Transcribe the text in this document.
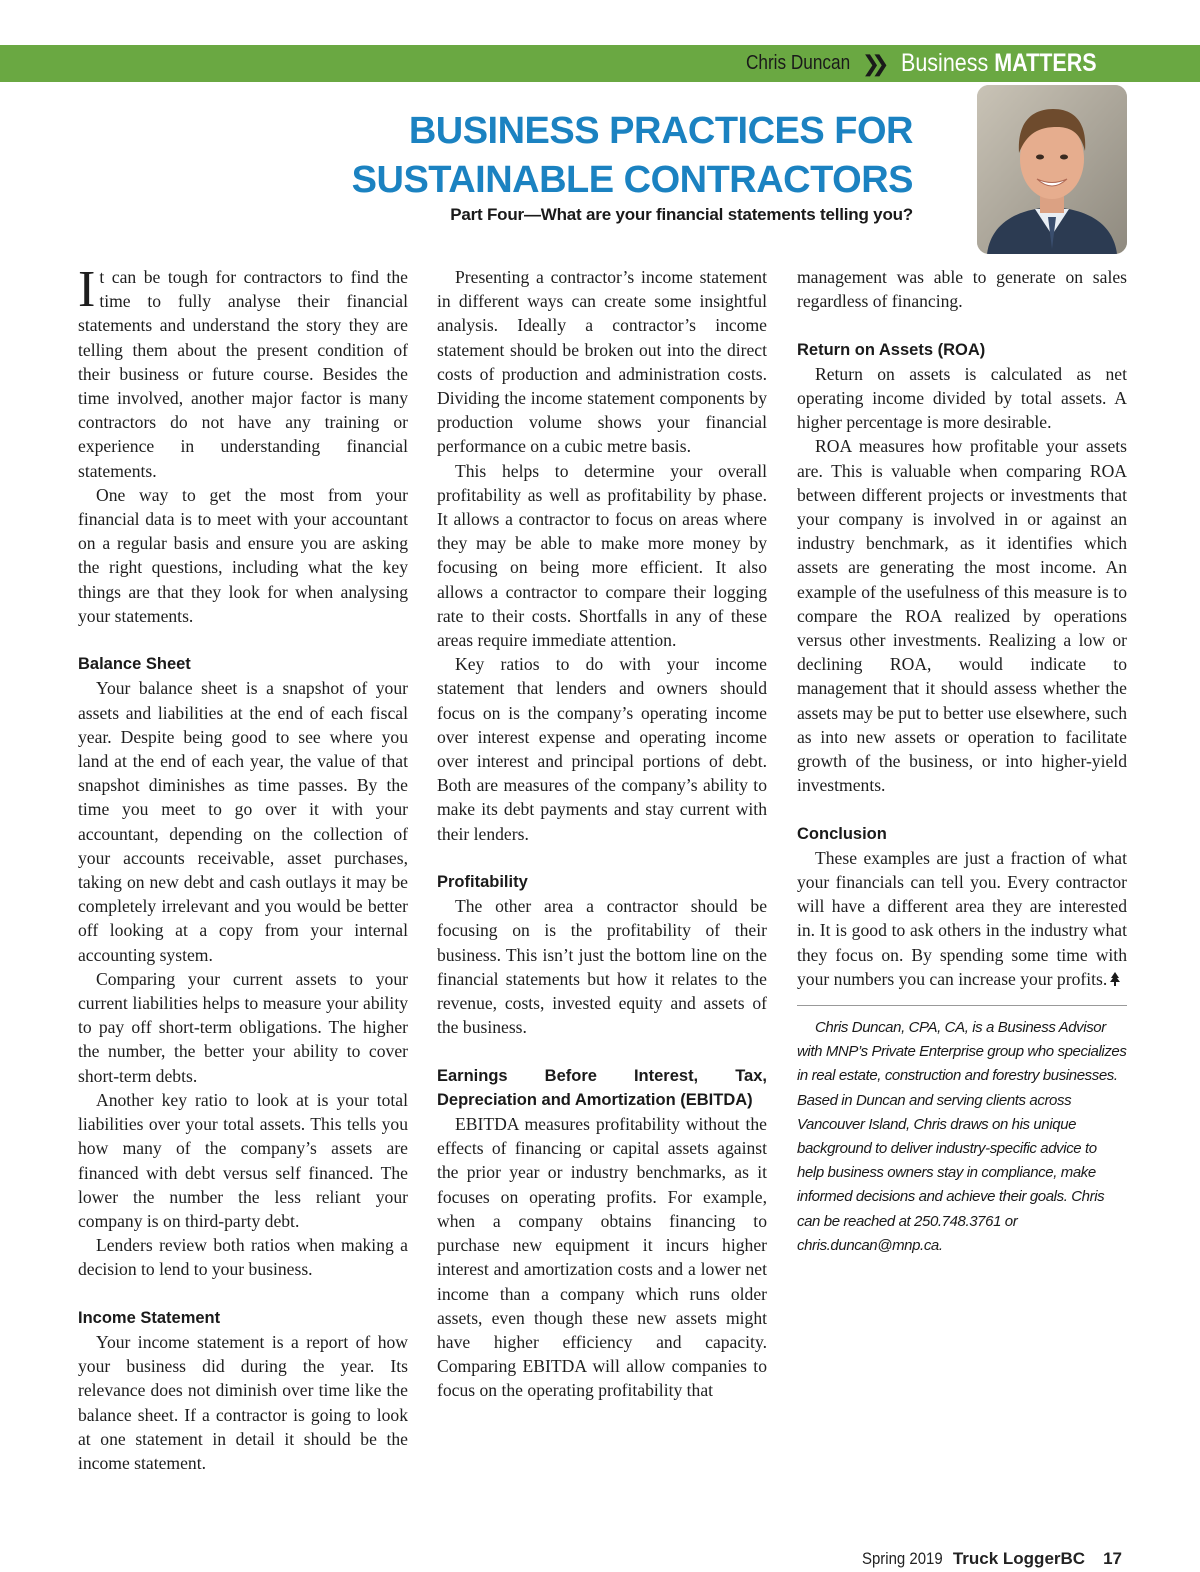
Chris Duncan ❯❯ Business MATTERS
BUSINESS PRACTICES FOR
SUSTAINABLE CONTRACTORS
Part Four—What are your financial statements telling you?

It can be tough for contractors to find the time to fully analyse their financial statements and understand the story they are telling them about the present condition of their business or future course. Besides the time involved, another major factor is many contractors do not have any training or experience in understanding financial statements.

One way to get the most from your financial data is to meet with your accountant on a regular basis and ensure you are asking the right questions, including what the key things are that they look for when analysing your statements.

Balance Sheet

Your balance sheet is a snapshot of your assets and liabilities at the end of each fiscal year. Despite being good to see where you land at the end of each year, the value of that snapshot diminishes as time passes. By the time you meet to go over it with your accountant, depending on the collection of your accounts receivable, asset purchases, taking on new debt and cash outlays it may be completely irrelevant and you would be better off looking at a copy from your internal accounting system.

Comparing your current assets to your current liabilities helps to measure your ability to pay off short-term obligations. The higher the number, the better your ability to cover short-term debts.

Another key ratio to look at is your total liabilities over your total assets. This tells you how many of the company’s assets are financed with debt versus self financed. The lower the number the less reliant your company is on third-party debt.

Lenders review both ratios when making a decision to lend to your business.

Income Statement

Your income statement is a report of how your business did during the year. Its relevance does not diminish over time like the balance sheet. If a contractor is going to look at one statement in detail it should be the income statement.

Presenting a contractor’s income statement in different ways can create some insightful analysis. Ideally a contractor’s income statement should be broken out into the direct costs of production and administration costs. Dividing the income statement components by production volume shows your financial performance on a cubic metre basis.

This helps to determine your overall profitability as well as profitability by phase. It allows a contractor to focus on areas where they may be able to make more money by focusing on being more efficient. It also allows a contractor to compare their logging rate to their costs. Shortfalls in any of these areas require immediate attention.

Key ratios to do with your income statement that lenders and owners should focus on is the company’s operating income over interest expense and operating income over interest and principal portions of debt. Both are measures of the company’s ability to make its debt payments and stay current with their lenders.

Profitability

The other area a contractor should be focusing on is the profitability of their business. This isn’t just the bottom line on the financial statements but how it relates to the revenue, costs, invested equity and assets of the business.

Earnings Before Interest, Tax, Depreciation and Amortization (EBITDA)

EBITDA measures profitability without the effects of financing or capital assets against the prior year or industry benchmarks, as it focuses on operating profits. For example, when a company obtains financing to purchase new equipment it incurs higher interest and amortization costs and a lower net income than a company which runs older assets, even though these new assets might have higher efficiency and capacity. Comparing EBITDA will allow companies to focus on the operating profitability that

management was able to generate on sales regardless of financing.

Return on Assets (ROA)

Return on assets is calculated as net operating income divided by total assets. A higher percentage is more desirable.

ROA measures how profitable your assets are. This is valuable when comparing ROA between different projects or investments that your company is involved in or against an industry benchmark, as it identifies which assets are generating the most income. An example of the usefulness of this measure is to compare the ROA realized by operations versus other investments. Realizing a low or declining ROA, would indicate to management that it should assess whether the assets may be put to better use elsewhere, such as into new assets or operation to facilitate growth of the business, or into higher-yield investments.

Conclusion

These examples are just a fraction of what your financials can tell you. Every contractor will have a different area they are interested in. It is good to ask others in the industry what they focus on. By spending some time with your numbers you can increase your profits.

Chris Duncan, CPA, CA, is a Business Advisor with MNP’s Private Enterprise group who specializes in real estate, construction and forestry businesses. Based in Duncan and serving clients across Vancouver Island, Chris draws on his unique background to deliver industry-specific advice to help business owners stay in compliance, make informed decisions and achieve their goals. Chris can be reached at 250.748.3761 or chris.duncan@mnp.ca.

Spring 2019 Truck LoggerBC 17
